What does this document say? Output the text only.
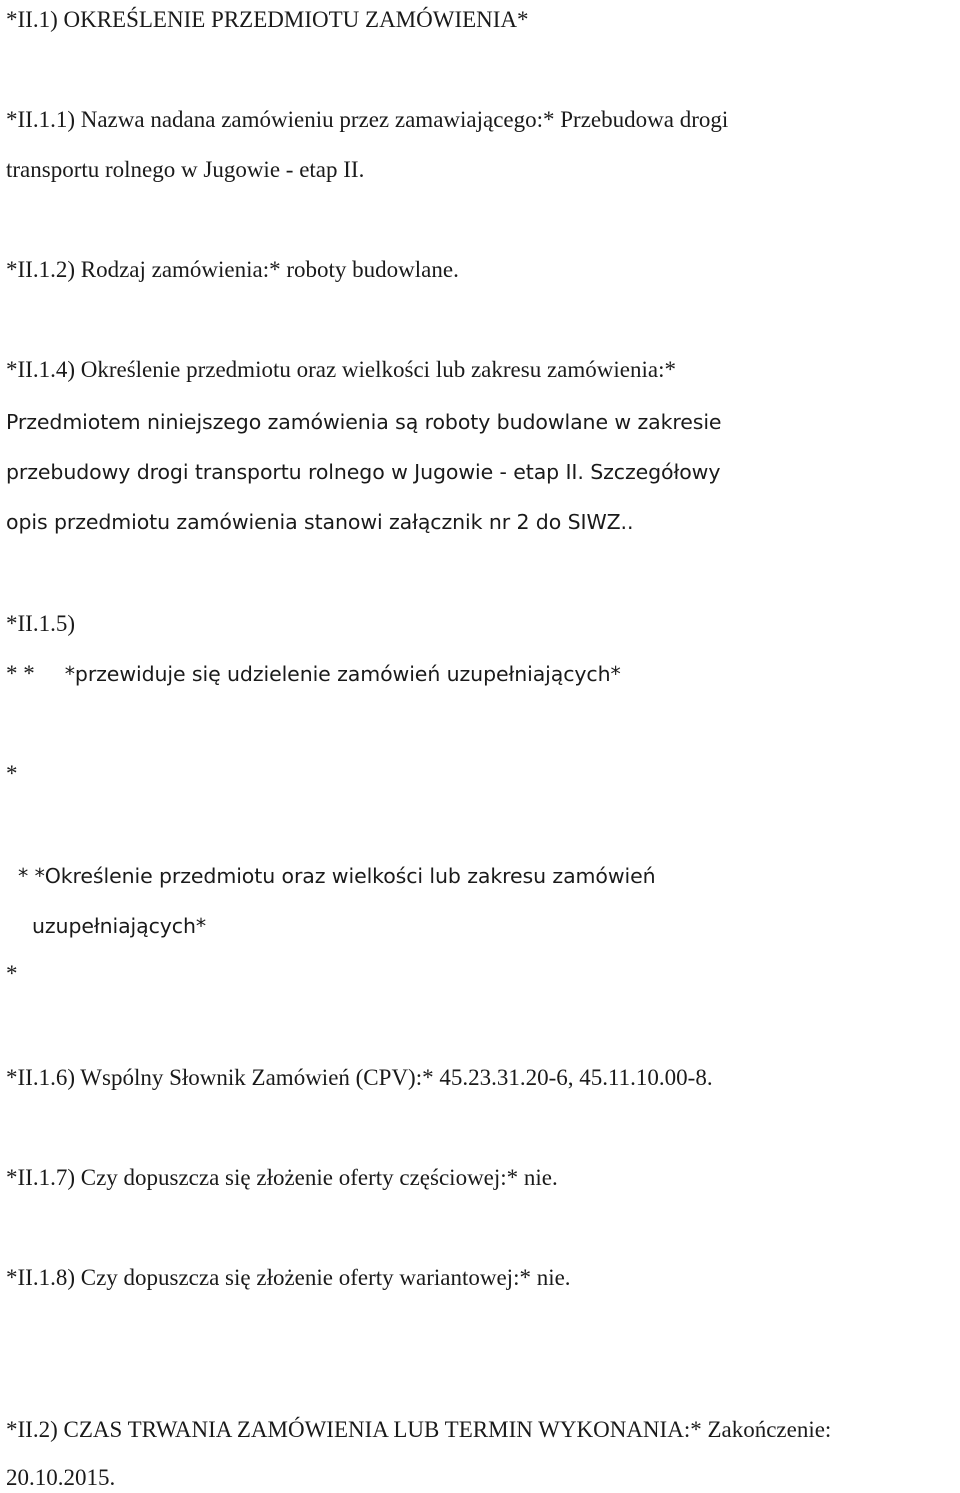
*II.1) OKREŚLENIE PRZEDMIOTU ZAMÓWIENIA*
*II.1.1) Nazwa nadana zamówieniu przez zamawiającego:* Przebudowa drogi
transportu rolnego w Jugowie - etap II.
*II.1.2) Rodzaj zamówienia:* roboty budowlane.
*II.1.4) Określenie przedmiotu oraz wielkości lub zakresu zamówienia:*
Przedmiotem niniejszego zamówienia są roboty budowlane w zakresie
przebudowy drogi transportu rolnego w Jugowie - etap II. Szczegółowy
opis przedmiotu zamówienia stanowi załącznik nr 2 do SIWZ..
*II.1.5)
* * *przewiduje się udzielenie zamówień uzupełniających*
*
* *Określenie przedmiotu oraz wielkości lub zakresu zamówień
uzupełniających*
*
*II.1.6) Wspólny Słownik Zamówień (CPV):* 45.23.31.20-6, 45.11.10.00-8.
*II.1.7) Czy dopuszcza się złożenie oferty częściowej:* nie.
*II.1.8) Czy dopuszcza się złożenie oferty wariantowej:* nie.
*II.2) CZAS TRWANIA ZAMÓWIENIA LUB TERMIN WYKONANIA:* Zakończenie:
20.10.2015.
